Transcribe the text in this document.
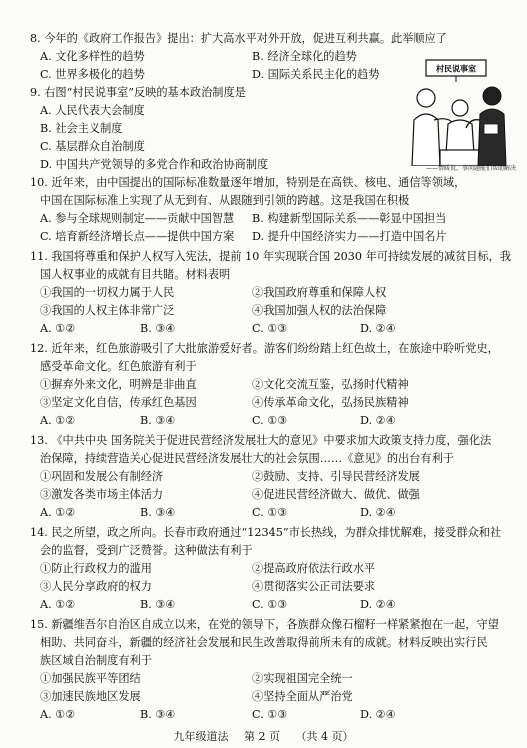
8. 今年的《政府工作报告》提出：扩大高水平对外开放，促进互利共赢。此举顺应了
A. 文化多样性的趋势	B. 经济全球化的趋势
C. 世界多极化的趋势	D. 国际关系民主化的趋势
9. 右图“村民说事室”反映的基本政治制度是
A. 人民代表大会制度
B. 社会主义制度
C. 基层群众自治制度
D. 中国共产党领导的多党合作和政治协商制度
村民说事室
——情暖说，事问题能们帮助解决
10. 近年来，由中国提出的国际标准数量逐年增加，特别是在高铁、核电、通信等领域，
中国在国际标准上实现了从无到有、从跟随到引领的跨越。这是我国在积极
A. 参与全球规则制定——贡献中国智慧 B. 构建新型国际关系——彰显中国担当
C. 培育新经济增长点——提供中国方案 D. 提升中国经济实力——打造中国名片
11. 我国将尊重和保护人权写入宪法，提前 10 年实现联合国 2030 年可持续发展的减贫目标，我
国人权事业的成就有目共睹。材料表明
①我国的一切权力属于人民	②我国政府尊重和保障人权
③我国的人权主体非常广泛	④我国加强人权的法治保障
A. ①②	B. ③④	C. ①③	D. ②④
12. 近年来，红色旅游吸引了大批旅游爱好者。游客们纷纷踏上红色故土，在旅途中聆听党史，
感受革命文化。红色旅游有利于
①摒弃外来文化，明辨是非曲直	②文化交流互鉴，弘扬时代精神
③坚定文化自信，传承红色基因	④传承革命文化，弘扬民族精神
A. ①②	B. ③④	C. ①③	D. ②④
13. 《中共中央 国务院关于促进民营经济发展壮大的意见》中要求加大政策支持力度，强化法
治保障，持续营造关心促进民营经济发展壮大的社会氛围……《意见》的出台有利于
①巩固和发展公有制经济	②鼓励、支持、引导民营经济发展
③激发各类市场主体活力	④促进民营经济做大、做优、做强
A. ①②	B. ③④	C. ①③	D. ②④
14. 民之所望，政之所向。长春市政府通过“12345”市长热线，为群众排忧解难，接受群众和社
会的监督，受到广泛赞誉。这种做法有利于
①防止行政权力的滥用	②提高政府依法行政水平
③人民分享政府的权力	④贯彻落实公正司法要求
A. ①②	B. ③④	C. ①③	D. ②④
15. 新疆维吾尔自治区自成立以来，在党的领导下，各族群众像石榴籽一样紧紧抱在一起，守望
相助、共同奋斗，新疆的经济社会发展和民生改善取得前所未有的成就。材料反映出实行民
族区域自治制度有利于
①加强民族平等团结	②实现祖国完全统一
③加速民族地区发展	④坚持全面从严治党
A. ①②	B. ③④	C. ①③	D. ②④
九年级道法 第 2 页 （共 4 页）
